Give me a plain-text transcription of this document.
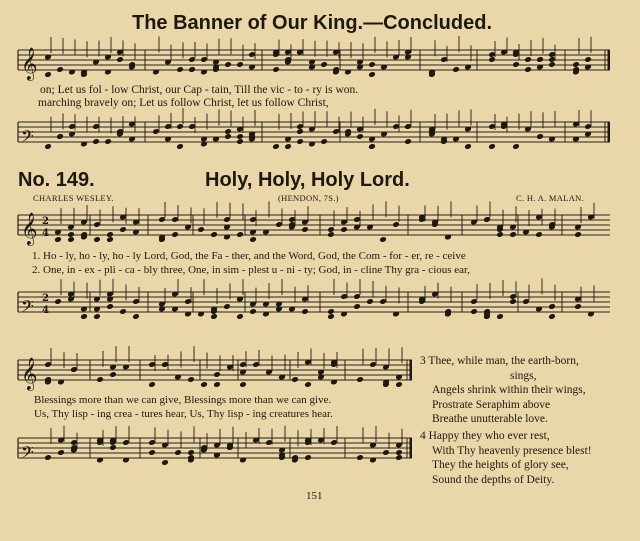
The Banner of Our King.—Concluded.
𝄞
on; Let us fol - low Christ, our Cap - tain, Till the vic - to - ry is won.
marching bravely on; Let us follow Christ, let us follow Christ,
𝄢
No. 149.	Holy, Holy, Holy Lord.
CHARLES WESLEY.	(HENDON, 7S.)	C. H. A. MALAN.
𝄞 2
4
1. Ho - ly, ho - ly, ho - ly Lord, God, the Fa - ther, and the Word, God, the Com - for - er, re - ceive
2. One, in - ex - pli - ca - bly three, One, in sim - plest u - ni - ty; God, in - cline Thy gra - cious ear,
𝄢 2
4
𝄞
Blessings more than we can give, Blessings more than we can give.
Us, Thy lisp - ing crea - tures hear, Us, Thy lisp - ing creatures hear.
𝄢
3 Thee, while man, the earth-born,
sings,
Angels shrink within their wings,
Prostrate Seraphim above
Breathe unutterable love.
4 Happy they who ever rest,
With Thy heavenly presence blest!
They the heights of glory see,
Sound the depths of Deity.
151
